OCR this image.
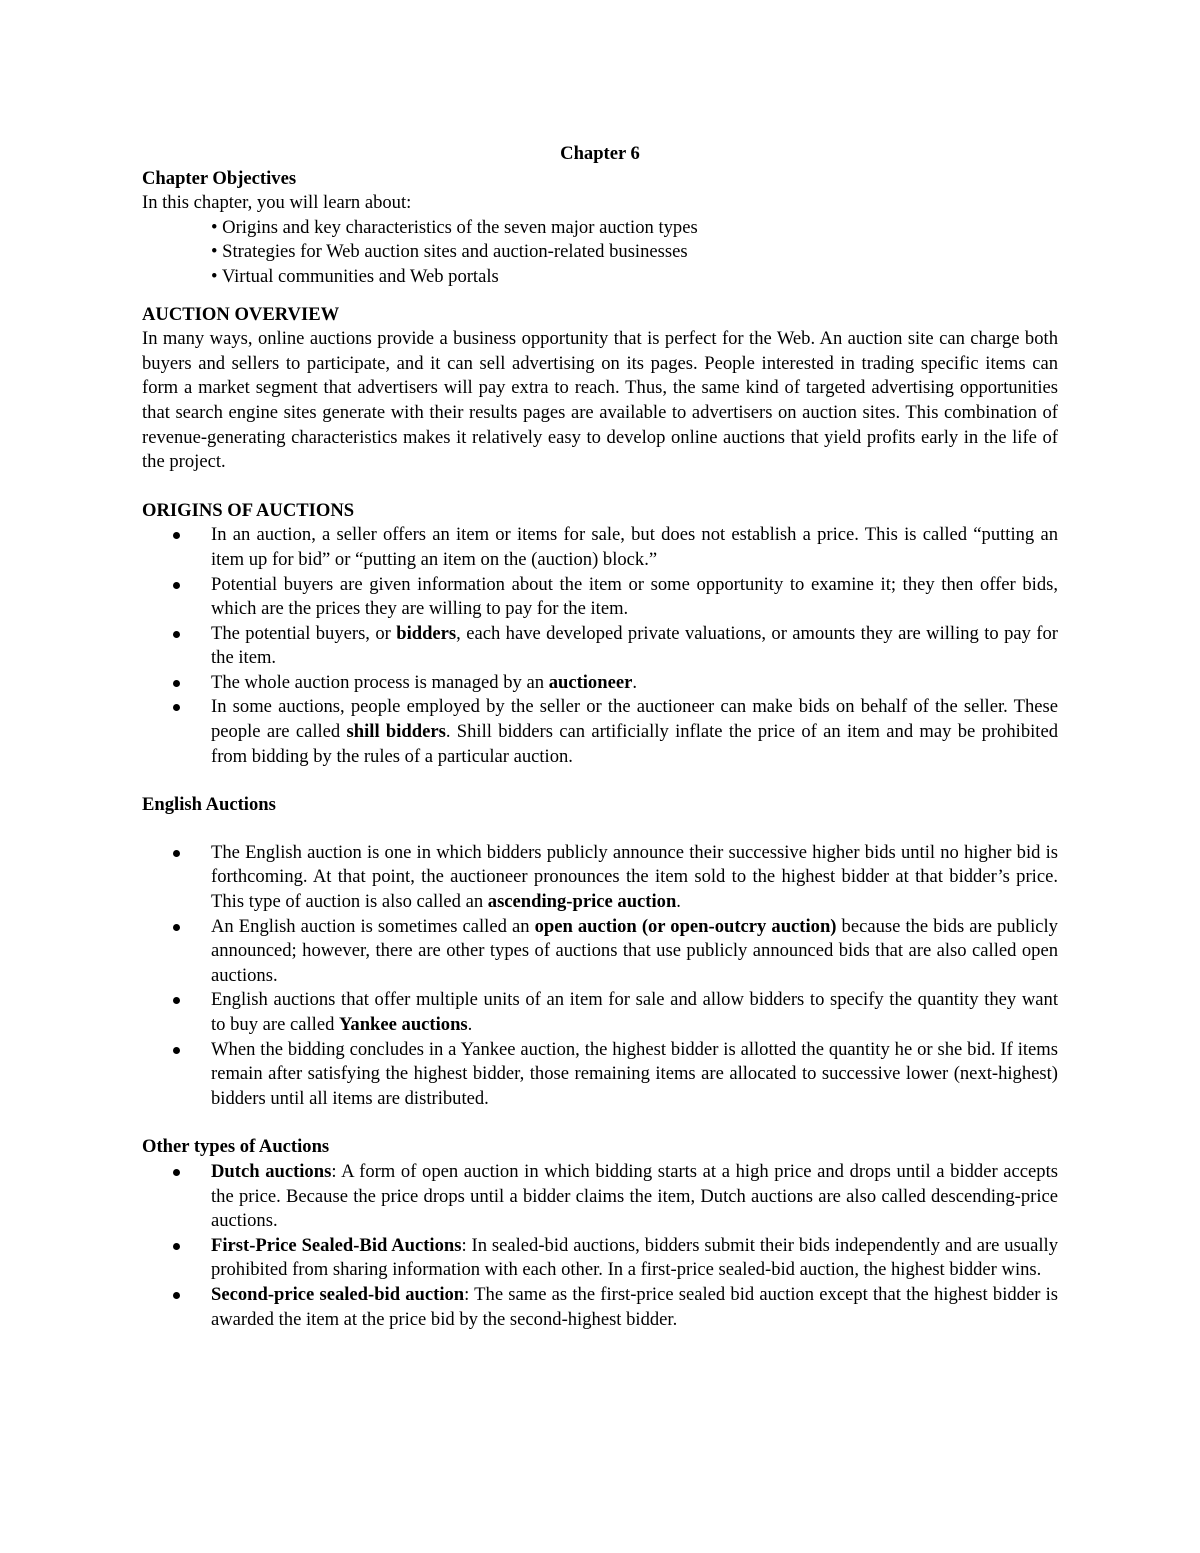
Chapter 6

Chapter Objectives

In this chapter, you will learn about:

• Origins and key characteristics of the seven major auction types
• Strategies for Web auction sites and auction-related businesses
• Virtual communities and Web portals

AUCTION OVERVIEW

In many ways, online auctions provide a business opportunity that is perfect for the Web. An auction site can charge both buyers and sellers to participate, and it can sell advertising on its pages. People interested in trading specific items can form a market segment that advertisers will pay extra to reach. Thus, the same kind of targeted advertising opportunities that search engine sites generate with their results pages are available to advertisers on auction sites. This combination of revenue-generating characteristics makes it relatively easy to develop online auctions that yield profits early in the life of the project.

ORIGINS OF AUCTIONS

In an auction, a seller offers an item or items for sale, but does not establish a price. This is called “putting an item up for bid” or “putting an item on the (auction) block.”
Potential buyers are given information about the item or some opportunity to examine it; they then offer bids, which are the prices they are willing to pay for the item.
The potential buyers, or bidders, each have developed private valuations, or amounts they are willing to pay for the item.
The whole auction process is managed by an auctioneer.
In some auctions, people employed by the seller or the auctioneer can make bids on behalf of the seller. These people are called shill bidders. Shill bidders can artificially inflate the price of an item and may be prohibited from bidding by the rules of a particular auction.

English Auctions

The English auction is one in which bidders publicly announce their successive higher bids until no higher bid is forthcoming. At that point, the auctioneer pronounces the item sold to the highest bidder at that bidder’s price. This type of auction is also called an ascending-price auction.
An English auction is sometimes called an open auction (or open-outcry auction) because the bids are publicly announced; however, there are other types of auctions that use publicly announced bids that are also called open auctions.
English auctions that offer multiple units of an item for sale and allow bidders to specify the quantity they want to buy are called Yankee auctions.
When the bidding concludes in a Yankee auction, the highest bidder is allotted the quantity he or she bid. If items remain after satisfying the highest bidder, those remaining items are allocated to successive lower (next-highest) bidders until all items are distributed.

Other types of Auctions

Dutch auctions: A form of open auction in which bidding starts at a high price and drops until a bidder accepts the price. Because the price drops until a bidder claims the item, Dutch auctions are also called descending-price auctions.
First-Price Sealed-Bid Auctions: In sealed-bid auctions, bidders submit their bids independently and are usually prohibited from sharing information with each other. In a first-price sealed-bid auction, the highest bidder wins.
Second-price sealed-bid auction: The same as the first-price sealed bid auction except that the highest bidder is awarded the item at the price bid by the second-highest bidder.
